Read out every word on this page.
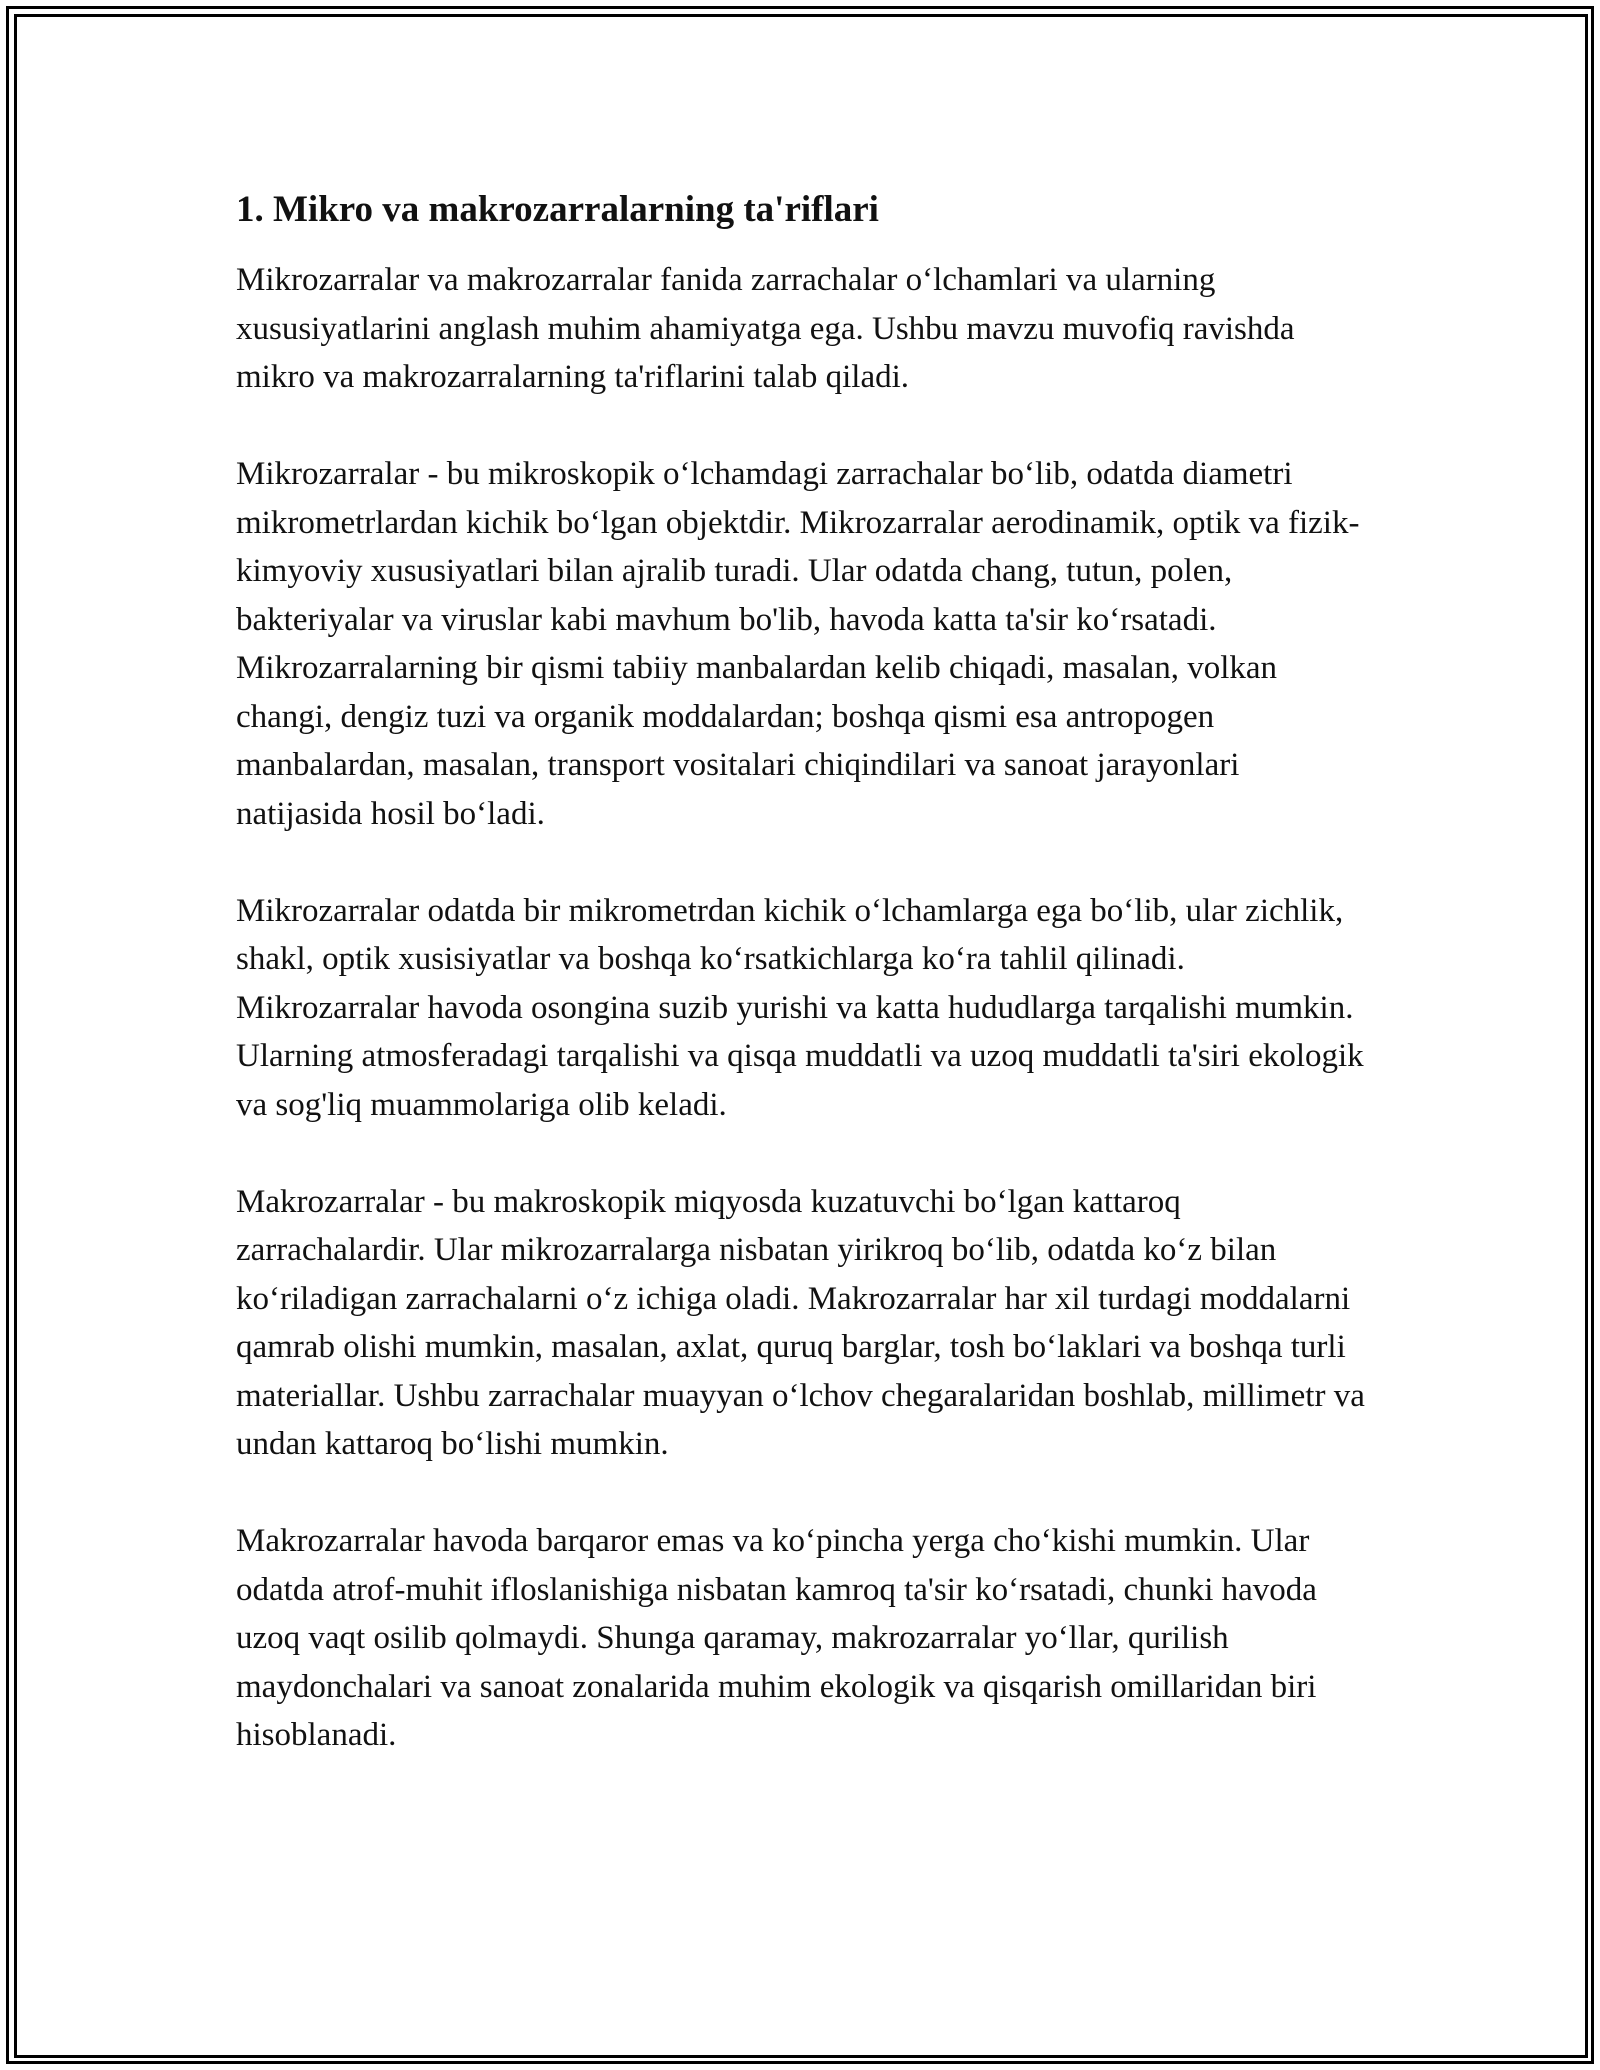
1. Mikro va makrozarralarning ta'riflari

Mikrozarralar va makrozarralar fanida zarrachalar o‘lchamlari va ularning xususiyatlarini anglash muhim ahamiyatga ega. Ushbu mavzu muvofiq ravishda mikro va makrozarralarning ta'riflarini talab qiladi.

Mikrozarralar - bu mikroskopik o‘lchamdagi zarrachalar bo‘lib, odatda diametri mikrometrlardan kichik bo‘lgan objektdir. Mikrozarralar aerodinamik, optik va fizik-kimyoviy xususiyatlari bilan ajralib turadi. Ular odatda chang, tutun, polen, bakteriyalar va viruslar kabi mavhum bo'lib, havoda katta ta'sir ko‘rsatadi. Mikrozarralarning bir qismi tabiiy manbalardan kelib chiqadi, masalan, volkan changi, dengiz tuzi va organik moddalardan; boshqa qismi esa antropogen manbalardan, masalan, transport vositalari chiqindilari va sanoat jarayonlari natijasida hosil bo‘ladi.

Mikrozarralar odatda bir mikrometrdan kichik o‘lchamlarga ega bo‘lib, ular zichlik, shakl, optik xusisiyatlar va boshqa ko‘rsatkichlarga ko‘ra tahlil qilinadi. Mikrozarralar havoda osongina suzib yurishi va katta hududlarga tarqalishi mumkin. Ularning atmosferadagi tarqalishi va qisqa muddatli va uzoq muddatli ta'siri ekologik va sog'liq muammolariga olib keladi.

Makrozarralar - bu makroskopik miqyosda kuzatuvchi bo‘lgan kattaroq zarrachalardir. Ular mikrozarralarga nisbatan yirikroq bo‘lib, odatda ko‘z bilan ko‘riladigan zarrachalarni o‘z ichiga oladi. Makrozarralar har xil turdagi moddalarni qamrab olishi mumkin, masalan, axlat, quruq barglar, tosh bo‘laklari va boshqa turli materiallar. Ushbu zarrachalar muayyan o‘lchov chegaralaridan boshlab, millimetr va undan kattaroq bo‘lishi mumkin.

Makrozarralar havoda barqaror emas va ko‘pincha yerga cho‘kishi mumkin. Ular odatda atrof-muhit ifloslanishiga nisbatan kamroq ta'sir ko‘rsatadi, chunki havoda uzoq vaqt osilib qolmaydi. Shunga qaramay, makrozarralar yo‘llar, qurilish maydonchalari va sanoat zonalarida muhim ekologik va qisqarish omillaridan biri hisoblanadi.
